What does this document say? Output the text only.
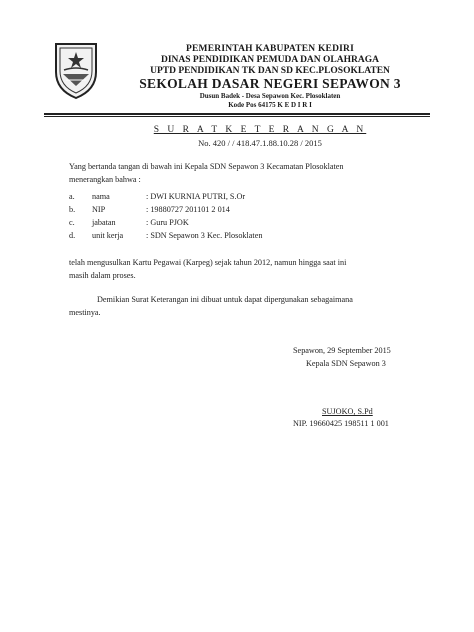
PEMERINTAH KABUPATEN KEDIRI
DINAS PENDIDIKAN PEMUDA DAN OLAHRAGA
UPTD PENDIDIKAN TK DAN SD KEC.PLOSOKLATEN
SEKOLAH DASAR NEGERI SEPAWON 3
Dusun Badek - Desa Sepawon Kec. Plosoklaten
Kode Pos 64175 K E D I R I
S U R A T K E T E R A N G A N
No. 420 / / 418.47.1.88.10.28 / 2015
Yang bertanda tangan di bawah ini Kepala SDN Sepawon 3 Kecamatan Plosoklaten
menerangkan bahwa :
a. nama	: DWI KURNIA PUTRI, S.Or
b. NIP	: 19880727 201101 2 014
c. jabatan	: Guru PJOK
d. unit kerja	: SDN Sepawon 3 Kec. Plosoklaten
telah mengusulkan Kartu Pegawai (Karpeg) sejak tahun 2012, namun hingga saat ini
masih dalam proses.
Demikian Surat Keterangan ini dibuat untuk dapat dipergunakan sebagaimana
mestinya.
Sepawon, 29 September 2015
Kepala SDN Sepawon 3
SUJOKO, S.Pd
NIP. 19660425 198511 1 001
